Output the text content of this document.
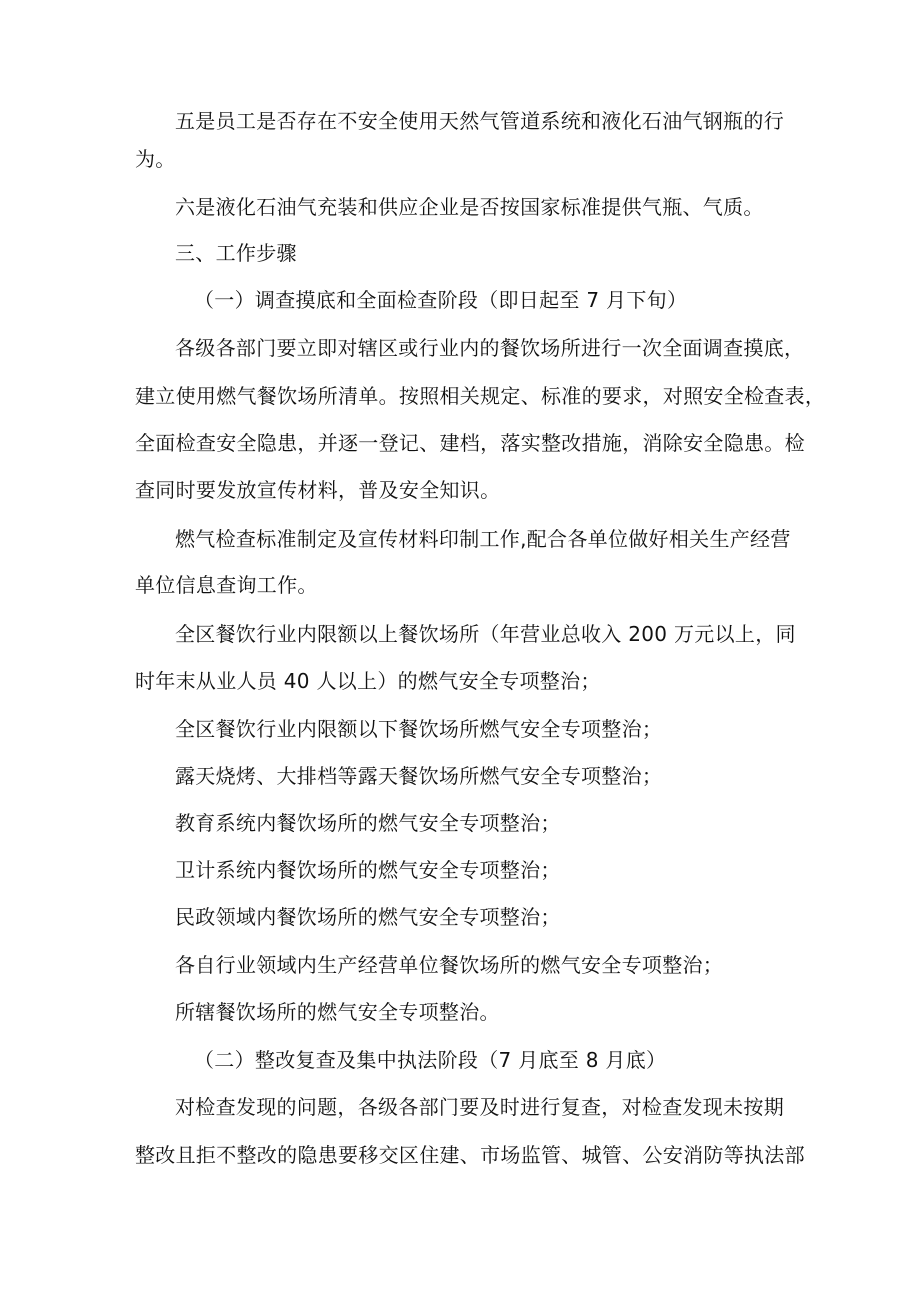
五是员工是否存在不安全使用天然气管道系统和液化石油气钢瓶的行
为。
六是液化石油气充装和供应企业是否按国家标准提供气瓶、气质。
三、工作步骤
（一）调查摸底和全面检查阶段（即日起至 7 月下旬）
各级各部门要立即对辖区或行业内的餐饮场所进行一次全面调查摸底，
建立使用燃气餐饮场所清单。按照相关规定、标准的要求，对照安全检查表，
全面检查安全隐患，并逐一登记、建档，落实整改措施，消除安全隐患。检
查同时要发放宣传材料，普及安全知识。
燃气检查标准制定及宣传材料印制工作,配合各单位做好相关生产经营
单位信息查询工作。
全区餐饮行业内限额以上餐饮场所（年营业总收入 200 万元以上，同
时年末从业人员 40 人以上）的燃气安全专项整治；
全区餐饮行业内限额以下餐饮场所燃气安全专项整治；
露天烧烤、大排档等露天餐饮场所燃气安全专项整治；
教育系统内餐饮场所的燃气安全专项整治；
卫计系统内餐饮场所的燃气安全专项整治；
民政领域内餐饮场所的燃气安全专项整治；
各自行业领域内生产经营单位餐饮场所的燃气安全专项整治；
所辖餐饮场所的燃气安全专项整治。
（二）整改复查及集中执法阶段（7 月底至 8 月底）
对检查发现的问题，各级各部门要及时进行复查，对检查发现未按期
整改且拒不整改的隐患要移交区住建、市场监管、城管、公安消防等执法部
